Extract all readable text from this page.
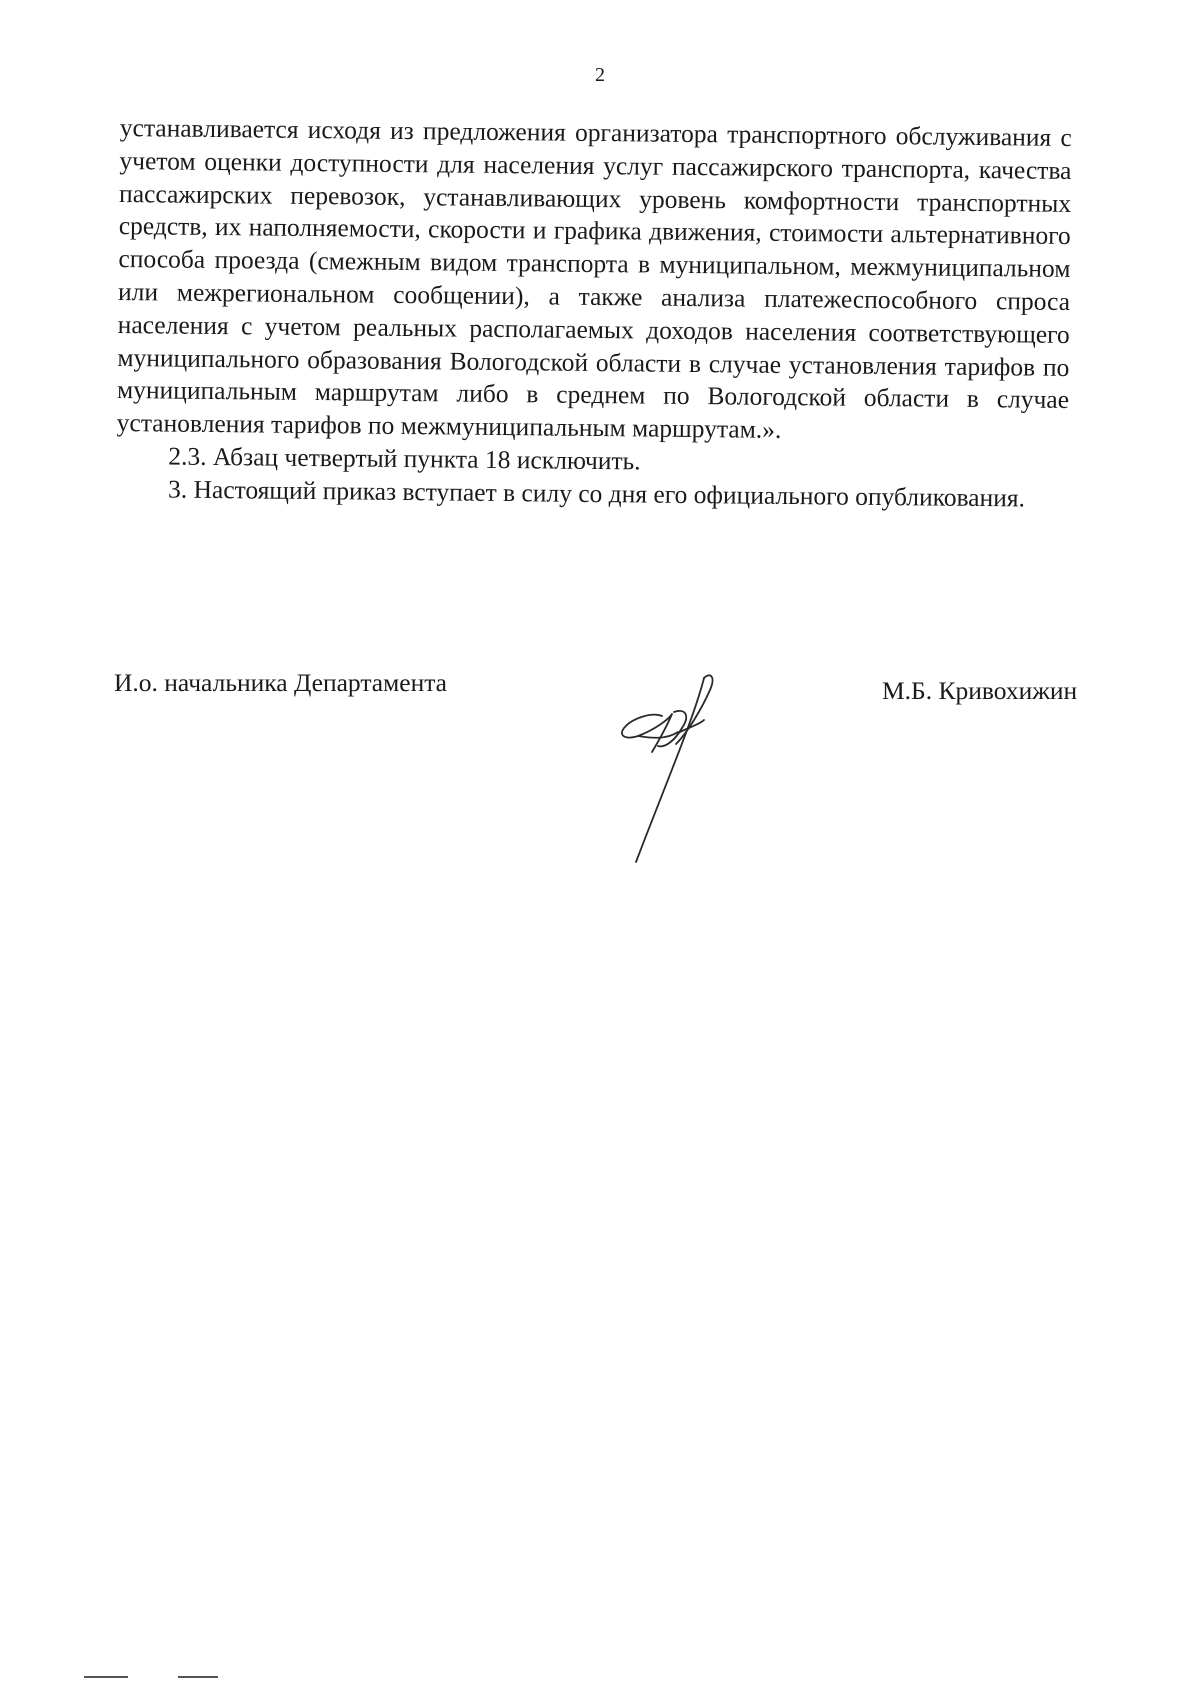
2

устанавливается исходя из предложения организатора транспортного обслуживания с учетом оценки доступности для населения услуг пассажирского транспорта, качества пассажирских перевозок, устанавливающих уровень комфортности транспортных средств, их наполняемости, скорости и графика движения, стоимости альтернативного способа проезда (смежным видом транспорта в муниципальном, межмуниципальном или межрегиональном сообщении), а также анализа платежеспособного спроса населения с учетом реальных располагаемых доходов населения соответствующего муниципального образования Вологодской области в случае установления тарифов по муниципальным маршрутам либо в среднем по Вологодской области в случае установления тарифов по межмуниципальным маршрутам.».

2.3. Абзац четвертый пункта 18 исключить.

3. Настоящий приказ вступает в силу со дня его официального опубликования.

И.о. начальника Департамента	М.Б. Кривохижин
